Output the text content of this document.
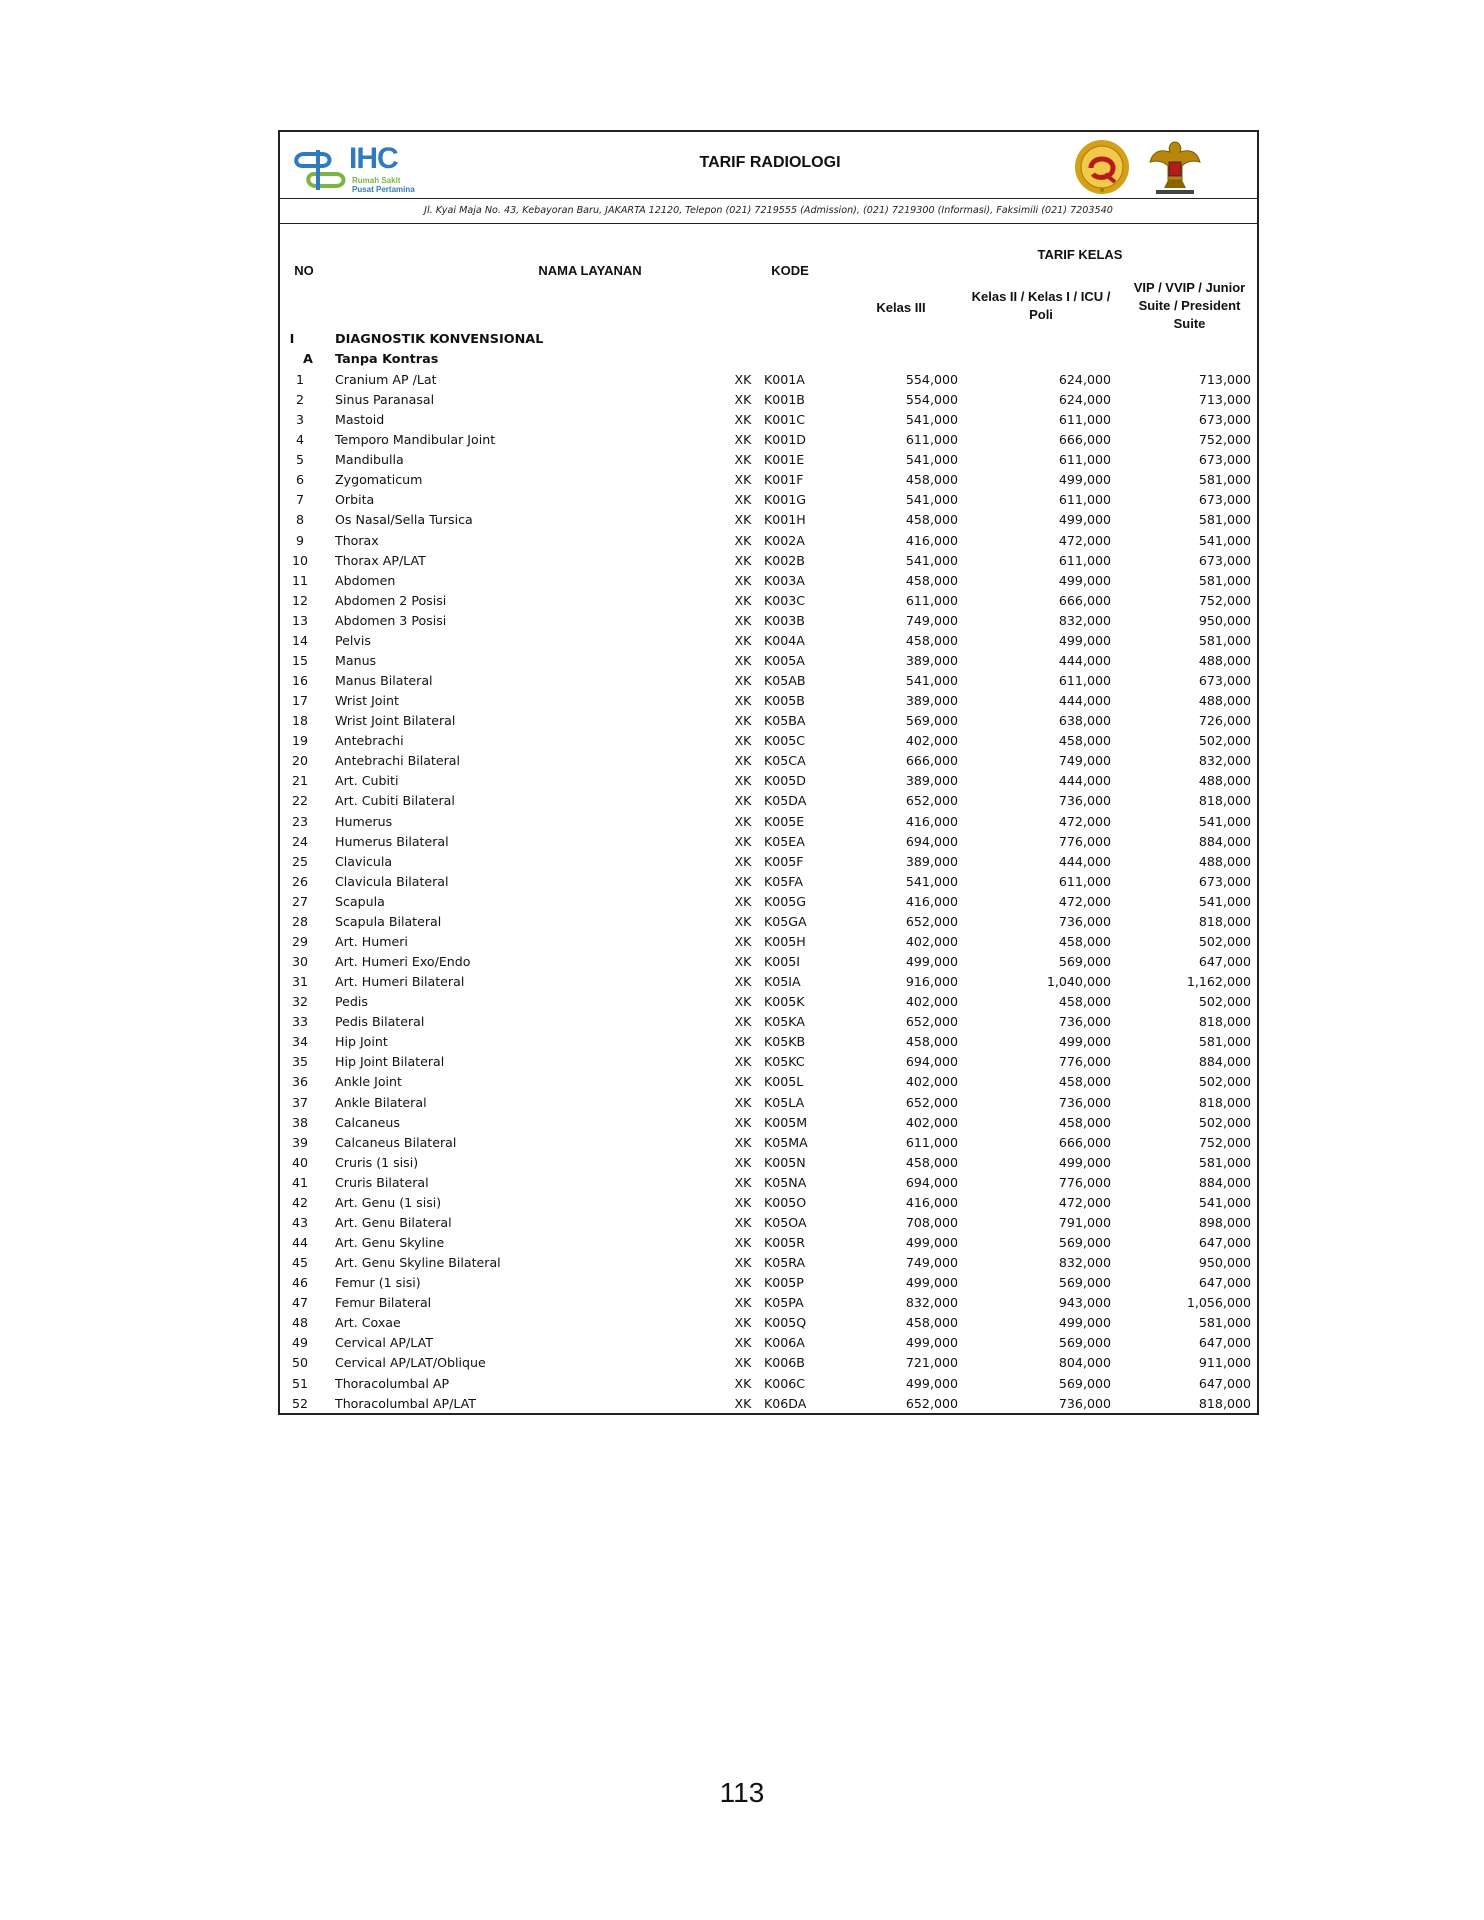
IHC
Rumah Sakit
Pusat Pertamina
TARIF RADIOLOGI
Jl. Kyai Maja No. 43, Kebayoran Baru, JAKARTA 12120, Telepon (021) 7219555 (Admission), (021) 7219300 (Informasi), Faksimili (021) 7203540
NO	NAMA LAYANAN	KODE
TARIF KELAS
Kelas III
Kelas II / Kelas I / ICU / Poli
VIP / VVIP / Junior Suite / President Suite
I	DIAGNOSTIK KONVENSIONAL
A	Tanpa Kontras
1	Cranium AP /Lat	XK K001A	554,000	624,000	713,000
2	Sinus Paranasal	XK K001B	554,000	624,000	713,000
3	Mastoid	XK K001C	541,000	611,000	673,000
4	Temporo Mandibular Joint	XK K001D	611,000	666,000	752,000
5	Mandibulla	XK K001E	541,000	611,000	673,000
6	Zygomaticum	XK K001F	458,000	499,000	581,000
7	Orbita	XK K001G	541,000	611,000	673,000
8	Os Nasal/Sella Tursica	XK K001H	458,000	499,000	581,000
9	Thorax	XK K002A	416,000	472,000	541,000
10	Thorax AP/LAT	XK K002B	541,000	611,000	673,000
11	Abdomen	XK K003A	458,000	499,000	581,000
12	Abdomen 2 Posisi	XK K003C	611,000	666,000	752,000
13	Abdomen 3 Posisi	XK K003B	749,000	832,000	950,000
14	Pelvis	XK K004A	458,000	499,000	581,000
15	Manus	XK K005A	389,000	444,000	488,000
16	Manus Bilateral	XK K05AB	541,000	611,000	673,000
17	Wrist Joint	XK K005B	389,000	444,000	488,000
18	Wrist Joint Bilateral	XK K05BA	569,000	638,000	726,000
19	Antebrachi	XK K005C	402,000	458,000	502,000
20	Antebrachi Bilateral	XK K05CA	666,000	749,000	832,000
21	Art. Cubiti	XK K005D	389,000	444,000	488,000
22	Art. Cubiti Bilateral	XK K05DA	652,000	736,000	818,000
23	Humerus	XK K005E	416,000	472,000	541,000
24	Humerus Bilateral	XK K05EA	694,000	776,000	884,000
25	Clavicula	XK K005F	389,000	444,000	488,000
26	Clavicula Bilateral	XK K05FA	541,000	611,000	673,000
27	Scapula	XK K005G	416,000	472,000	541,000
28	Scapula Bilateral	XK K05GA	652,000	736,000	818,000
29	Art. Humeri	XK K005H	402,000	458,000	502,000
30	Art. Humeri Exo/Endo	XK K005I	499,000	569,000	647,000
31	Art. Humeri Bilateral	XK K05IA	916,000	1,040,000	1,162,000
32	Pedis	XK K005K	402,000	458,000	502,000
33	Pedis Bilateral	XK K05KA	652,000	736,000	818,000
34	Hip Joint	XK K05KB	458,000	499,000	581,000
35	Hip Joint Bilateral	XK K05KC	694,000	776,000	884,000
36	Ankle Joint	XK K005L	402,000	458,000	502,000
37	Ankle Bilateral	XK K05LA	652,000	736,000	818,000
38	Calcaneus	XK K005M	402,000	458,000	502,000
39	Calcaneus Bilateral	XK K05MA	611,000	666,000	752,000
40	Cruris (1 sisi)	XK K005N	458,000	499,000	581,000
41	Cruris Bilateral	XK K05NA	694,000	776,000	884,000
42	Art. Genu (1 sisi)	XK K005O	416,000	472,000	541,000
43	Art. Genu Bilateral	XK K05OA	708,000	791,000	898,000
44	Art. Genu Skyline	XK K005R	499,000	569,000	647,000
45	Art. Genu Skyline Bilateral	XK K05RA	749,000	832,000	950,000
46	Femur (1 sisi)	XK K005P	499,000	569,000	647,000
47	Femur Bilateral	XK K05PA	832,000	943,000	1,056,000
48	Art. Coxae	XK K005Q	458,000	499,000	581,000
49	Cervical AP/LAT	XK K006A	499,000	569,000	647,000
50	Cervical AP/LAT/Oblique	XK K006B	721,000	804,000	911,000
51	Thoracolumbal AP	XK K006C	499,000	569,000	647,000
52	Thoracolumbal AP/LAT	XK K06DA	652,000	736,000	818,000
113
